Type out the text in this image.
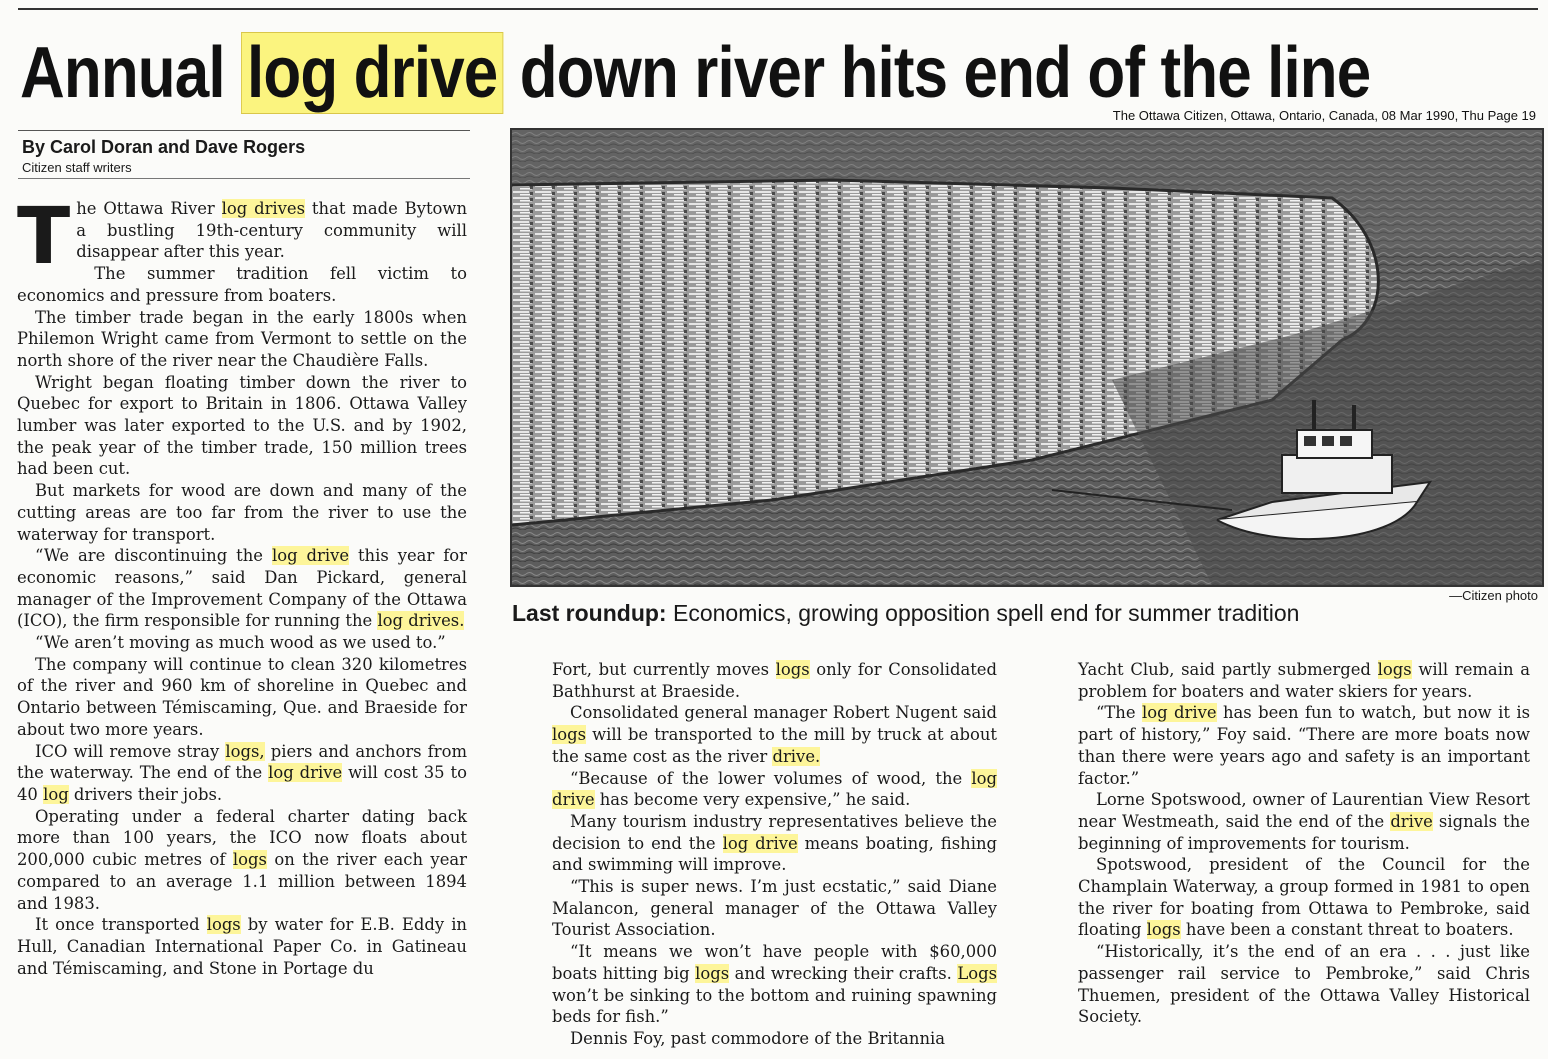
Annual log drive down river hits end of the line
The Ottawa Citizen, Ottawa, Ontario, Canada, 08 Mar 1990, Thu Page 19
By Carol Doran and Dave Rogers
Citizen staff writers
T he Ottawa River log drives that made Bytown a bustling 19th-century community will disappear after this year.

The summer tradition fell victim to economics and pressure from boaters.

The timber trade began in the early 1800s when Philemon Wright came from Vermont to settle on the north shore of the river near the Chaudière Falls.

Wright began floating timber down the river to Quebec for export to Britain in 1806. Ottawa Valley lumber was later exported to the U.S. and by 1902, the peak year of the timber trade, 150 million trees had been cut.

But markets for wood are down and many of the cutting areas are too far from the river to use the waterway for transport.

“We are discontinuing the log drive this year for economic reasons,” said Dan Pickard, general manager of the Improvement Company of the Ottawa (ICO), the firm responsible for running the log drives.

“We aren’t moving as much wood as we used to.”

The company will continue to clean 320 kilometres of the river and 960 km of shoreline in Quebec and Ontario between Témiscaming, Que. and Braeside for about two more years.

ICO will remove stray logs, piers and anchors from the waterway. The end of the log drive will cost 35 to 40 log drivers their jobs.

Operating under a federal charter dating back more than 100 years, the ICO now floats about 200,000 cubic metres of logs on the river each year compared to an average 1.1 million between 1894 and 1983.

It once transported logs by water for E.B. Eddy in Hull, Canadian International Paper Co. in Gatineau and Témiscaming, and Stone in Portage du

—Citizen photo
Last roundup: Economics, growing opposition spell end for summer tradition

Fort, but currently moves logs only for Consolidated Bathhurst at Braeside.

Consolidated general manager Robert Nugent said logs will be transported to the mill by truck at about the same cost as the river drive.

“Because of the lower volumes of wood, the log drive has become very expensive,” he said.

Many tourism industry representatives believe the decision to end the log drive means boating, fishing and swimming will improve.

“This is super news. I’m just ecstatic,” said Diane Malancon, general manager of the Ottawa Valley Tourist Association.

“It means we won’t have people with $60,000 boats hitting big logs and wrecking their crafts. Logs won’t be sinking to the bottom and ruining spawning beds for fish.”

Dennis Foy, past commodore of the Britannia

Yacht Club, said partly submerged logs will remain a problem for boaters and water skiers for years.

“The log drive has been fun to watch, but now it is part of history,” Foy said. “There are more boats now than there were years ago and safety is an important factor.”

Lorne Spotswood, owner of Laurentian View Resort near Westmeath, said the end of the drive signals the beginning of improvements for tourism.

Spotswood, president of the Council for the Champlain Waterway, a group formed in 1981 to open the river for boating from Ottawa to Pembroke, said floating logs have been a constant threat to boaters.

“Historically, it’s the end of an era . . . just like passenger rail service to Pembroke,” said Chris Thuemen, president of the Ottawa Valley Historical Society.
